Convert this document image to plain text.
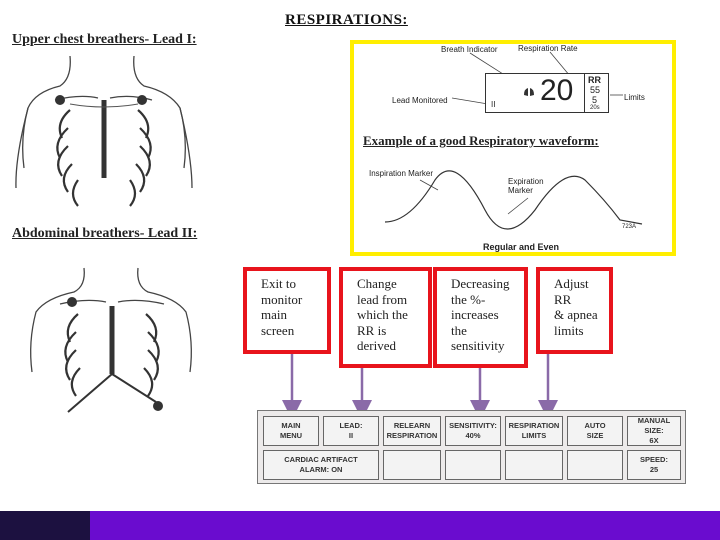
RESPIRATIONS:
Upper chest breathers- Lead I:
Abdominal breathers- Lead II:
Breath Indicator	Respiration Rate
Lead Monitored	Limits
II 20 RR
55
5
20s
Example of a good Respiratory waveform:
Inspiration Marker
Expiration
Marker
723A
Regular and Even
Exit to
monitor
main
screen
Change
lead from
which the
RR is
derived
Decreasing
the %-
increases
the
sensitivity
Adjust
RR
& apnea
limits
MAIN
MENU
LEAD:
II
RELEARN
RESPIRATION
SENSITIVITY:
40%
RESPIRATION
LIMITS
AUTO
SIZE
MANUAL SIZE:
6X
CARDIAC ARTIFACT
ALARM: ON
SPEED:
25
